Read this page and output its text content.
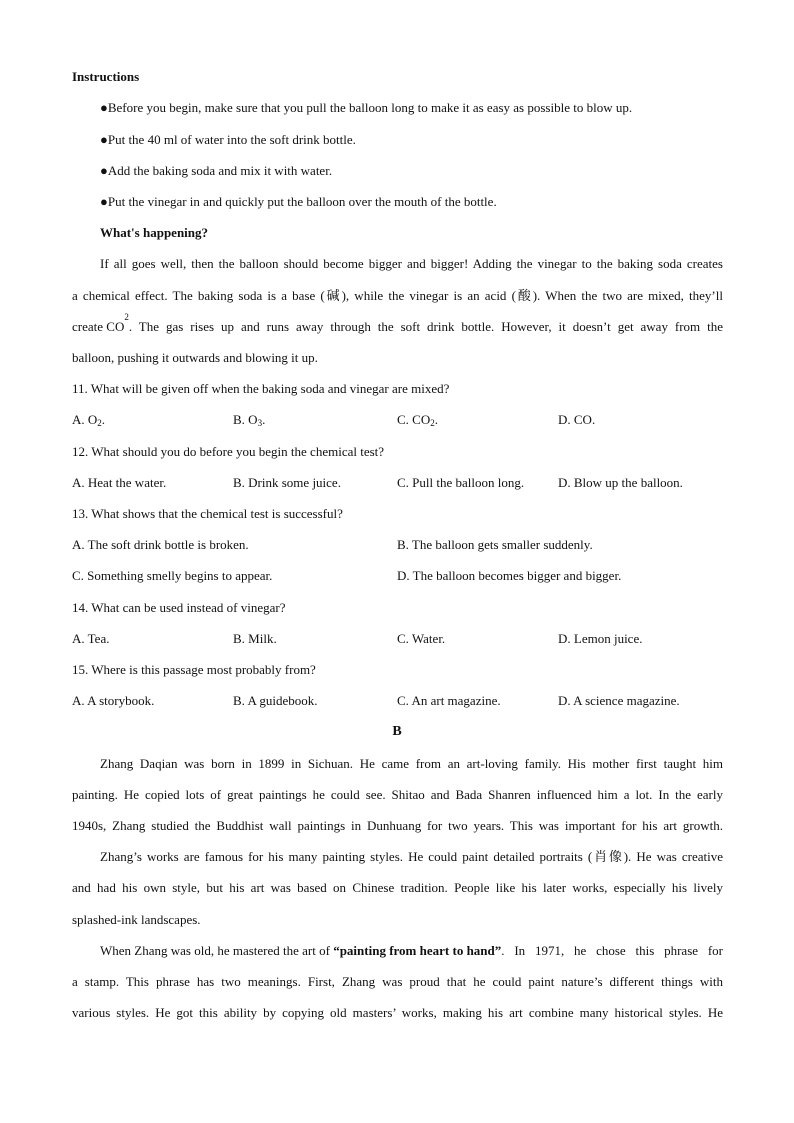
Instructions
●Before you begin, make sure that you pull the balloon long to make it as easy as possible to blow up.
●Put the 40 ml of water into the soft drink bottle.
●Add the baking soda and mix it with water.
●Put the vinegar in and quickly put the balloon over the mouth of the bottle.
What's happening?
If all goes well, then the balloon should become bigger and bigger! Adding the vinegar to the baking soda creates
a chemical effect. The baking soda is a base (碱), while the vinegar is an acid (酸). When the two are mixed, they’ll
create CO
2
. The gas rises up and runs away through the soft drink bottle. However, it doesn’t get away from the
balloon, pushing it outwards and blowing it up.
11. What will be given off when the baking soda and vinegar are mixed?
A. $O_2$.	B. $O_3$.	C. $CO_2$.	D. CO.
12. What should you do before you begin the chemical test?
A. Heat the water.	B. Drink some juice.	C. Pull the balloon long.	D. Blow up the balloon.
13. What shows that the chemical test is successful?
A. The soft drink bottle is broken.	B. The balloon gets smaller suddenly.
C. Something smelly begins to appear.	D. The balloon becomes bigger and bigger.
14. What can be used instead of vinegar?
A. Tea.	B. Milk.	C. Water.	D. Lemon juice.
15. Where is this passage most probably from?
A. A storybook.	B. A guidebook.	C. An art magazine.	D. A science magazine.
B
Zhang Daqian was born in 1899 in Sichuan. He came from an art-loving family. His mother first taught him
painting. He copied lots of great paintings he could see. Shitao and Bada Shanren influenced him a lot. In the early
1940s, Zhang studied the Buddhist wall paintings in Dunhuang for two years. This was important for his art growth.
Zhang’s works are famous for his many painting styles. He could paint detailed portraits (肖像). He was creative
and had his own style, but his art was based on Chinese tradition. People like his later works, especially his lively
splashed-ink landscapes.
When Zhang was old, he mastered the art of “painting from heart to hand” . In 1971, he chose this phrase for
a stamp. This phrase has two meanings. First, Zhang was proud that he could paint nature’s different things with
various styles. He got this ability by copying old masters’ works, making his art combine many historical styles. He
